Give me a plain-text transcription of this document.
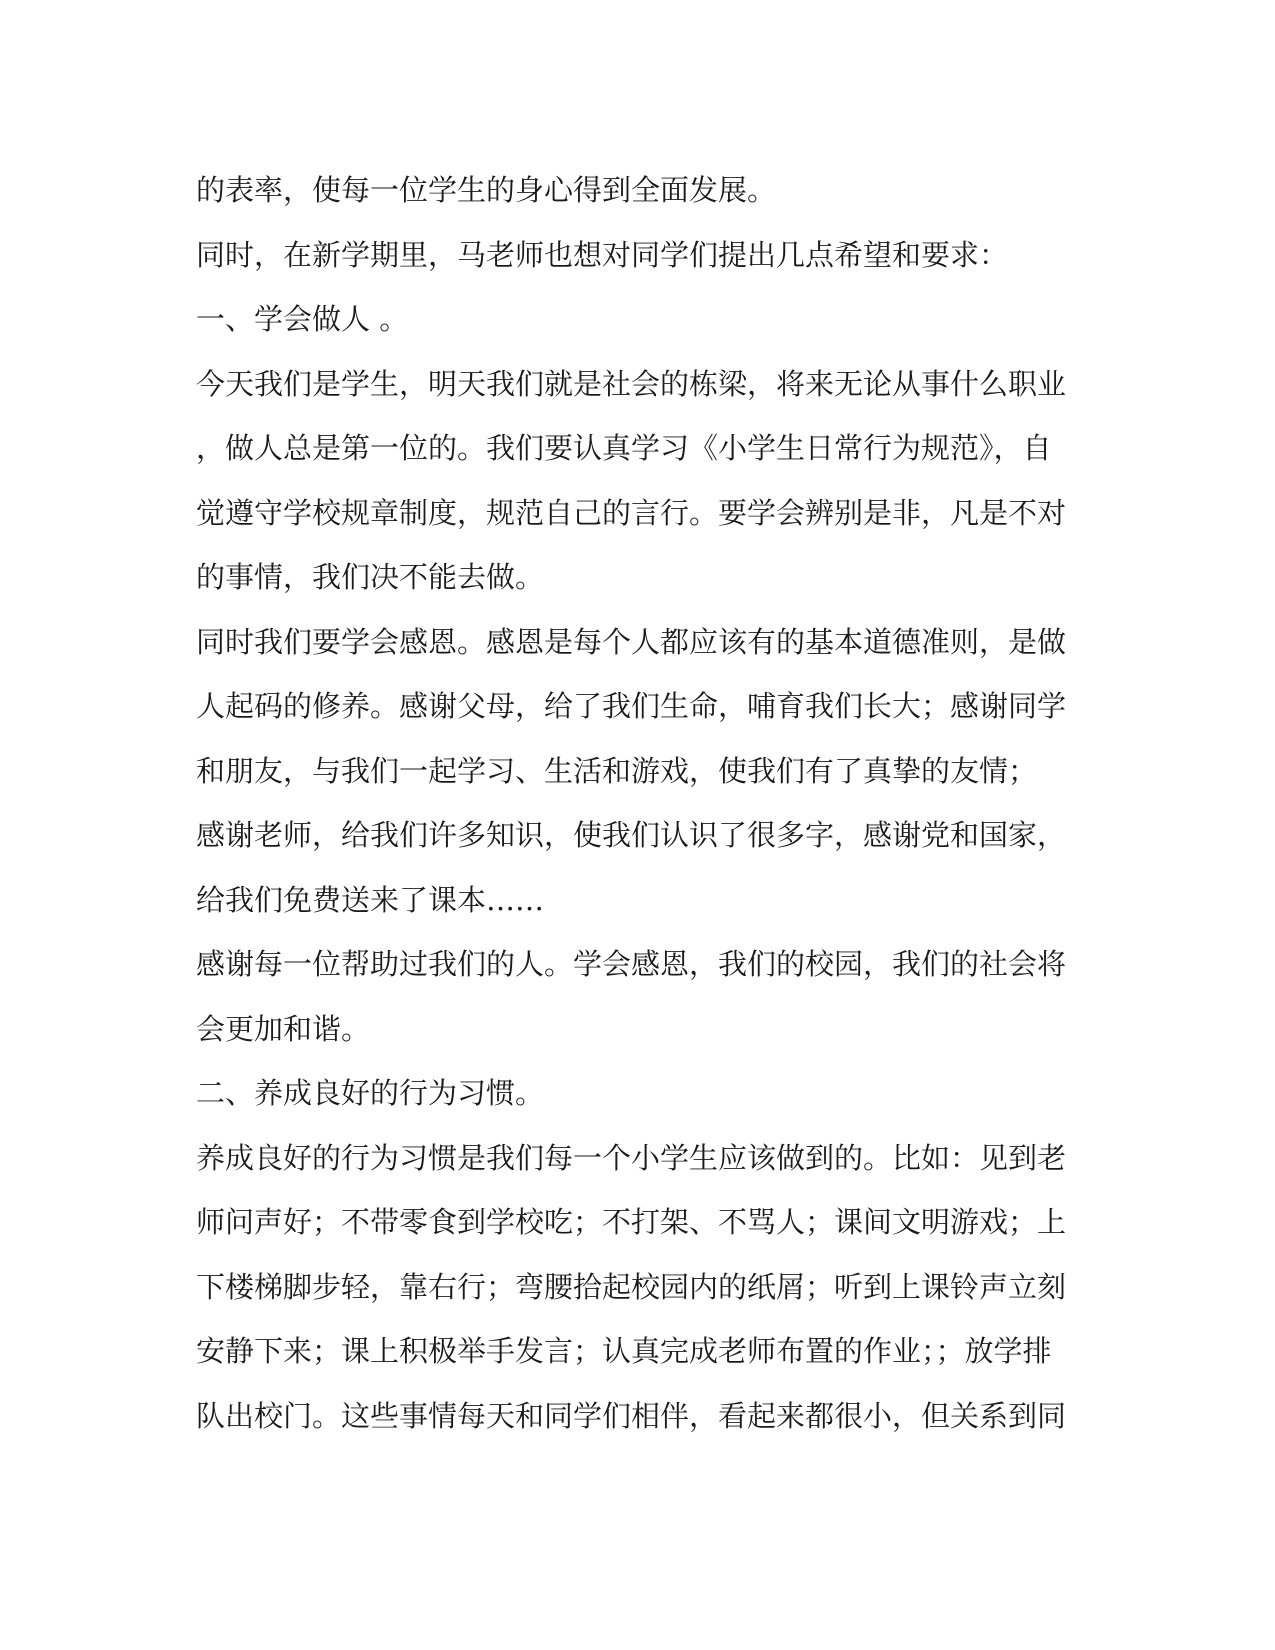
的表率，使每一位学生的身心得到全面发展。
同时，在新学期里，马老师也想对同学们提出几点希望和要求：
一、学会做人 。
今天我们是学生，明天我们就是社会的栋梁，将来无论从事什么职业
，做人总是第一位的。我们要认真学习《小学生日常行为规范》，自
觉遵守学校规章制度，规范自己的言行。要学会辨别是非，凡是不对
的事情，我们决不能去做。
同时我们要学会感恩。感恩是每个人都应该有的基本道德准则，是做
人起码的修养。感谢父母，给了我们生命，哺育我们长大；感谢同学
和朋友，与我们一起学习、生活和游戏，使我们有了真挚的友情；
感谢老师，给我们许多知识，使我们认识了很多字，感谢党和国家，
给我们免费送来了课本……
感谢每一位帮助过我们的人。学会感恩，我们的校园，我们的社会将
会更加和谐。
二、养成良好的行为习惯。
养成良好的行为习惯是我们每一个小学生应该做到的。比如：见到老
师问声好；不带零食到学校吃；不打架、不骂人；课间文明游戏；上
下楼梯脚步轻，靠右行；弯腰拾起校园内的纸屑；听到上课铃声立刻
安静下来；课上积极举手发言；认真完成老师布置的作业；；放学排
队出校门。这些事情每天和同学们相伴，看起来都很小，但关系到同
